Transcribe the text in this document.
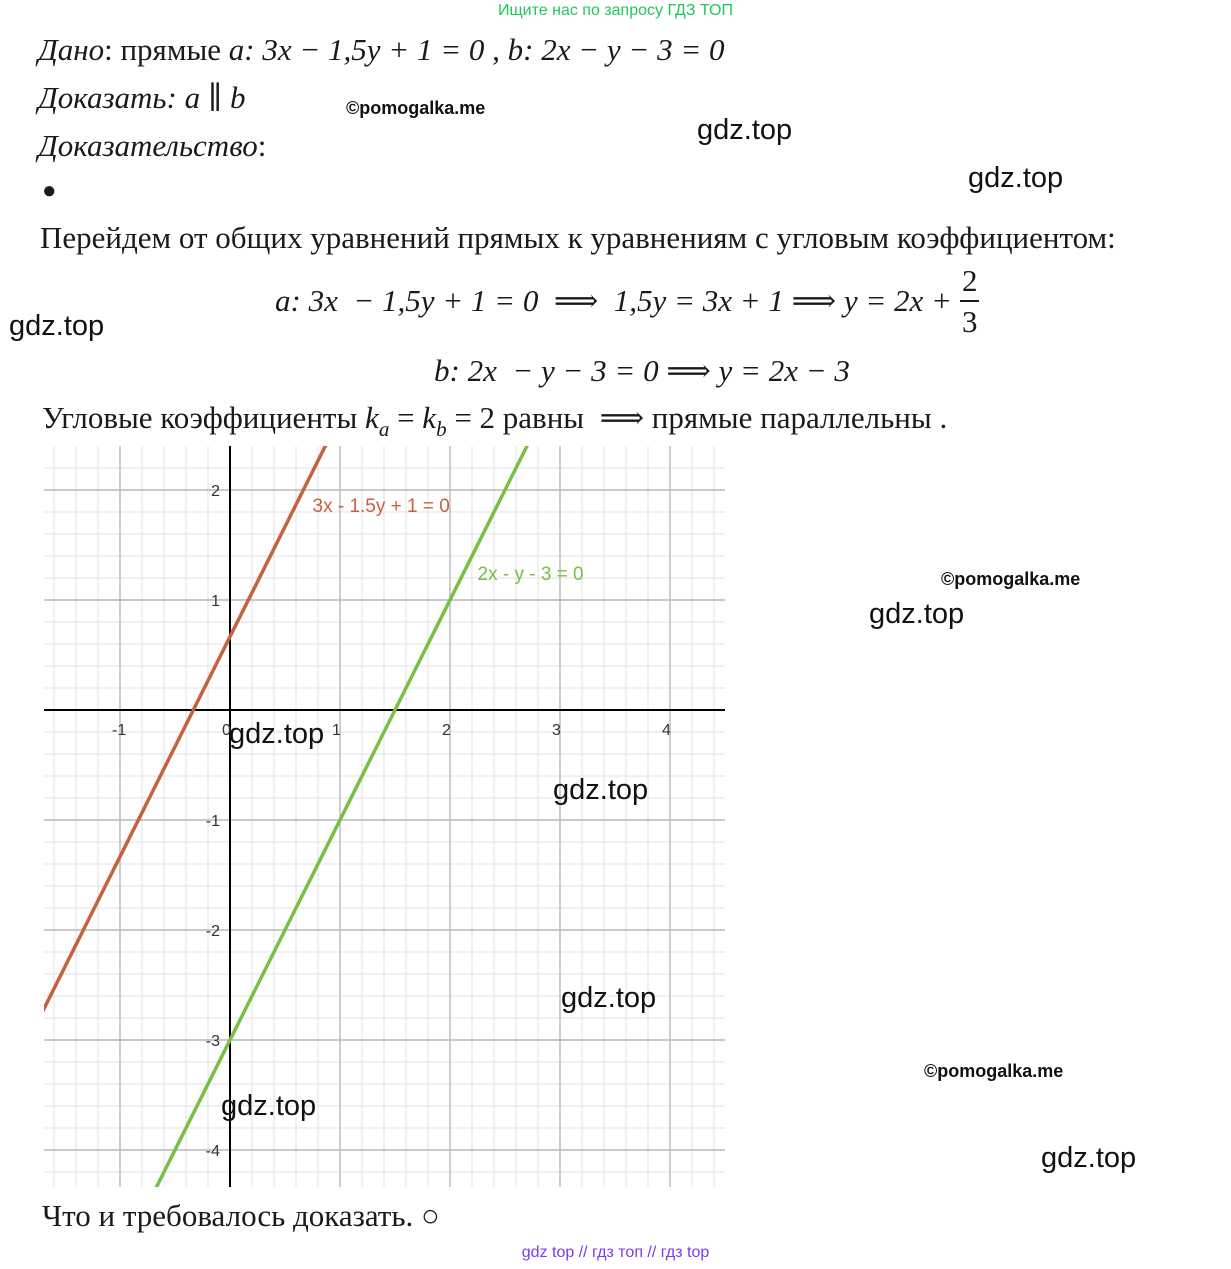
Ищите нас по запросу ГДЗ ТОП
Дано: прямые a: 3x − 1,5y + 1 = 0 , b: 2x − y − 3 = 0
Доказать: a ∥ b
Доказательство:
●
Перейдем от общих уравнений прямых к уравнениям с угловым коэффициентом:
a : 3x  − 1,5y + 1 = 0  ⟹  1,5y = 3x + 1 ⟹ $y = 2x + \frac{2}{3}$
b: 2x  − y − 3 = 0 ⟹ y = 2x − 3
Угловые коэффициенты $k_a = k_b = 2$ равны  ⟹ прямые параллельны .
-1	0	1	2	3	4
2
1
-1
-2
-3
-4
3x - 1.5y + 1 = 0
2x - y - 3 = 0
Что и требовалось доказать. ○
©pomogalka.me
gdz.top
gdz.top
gdz.top
©pomogalka.me
gdz.top
gdz.top
gdz.top
gdz.top
©pomogalka.me
gdz.top
gdz.top
gdz top // гдз топ // гдз top
